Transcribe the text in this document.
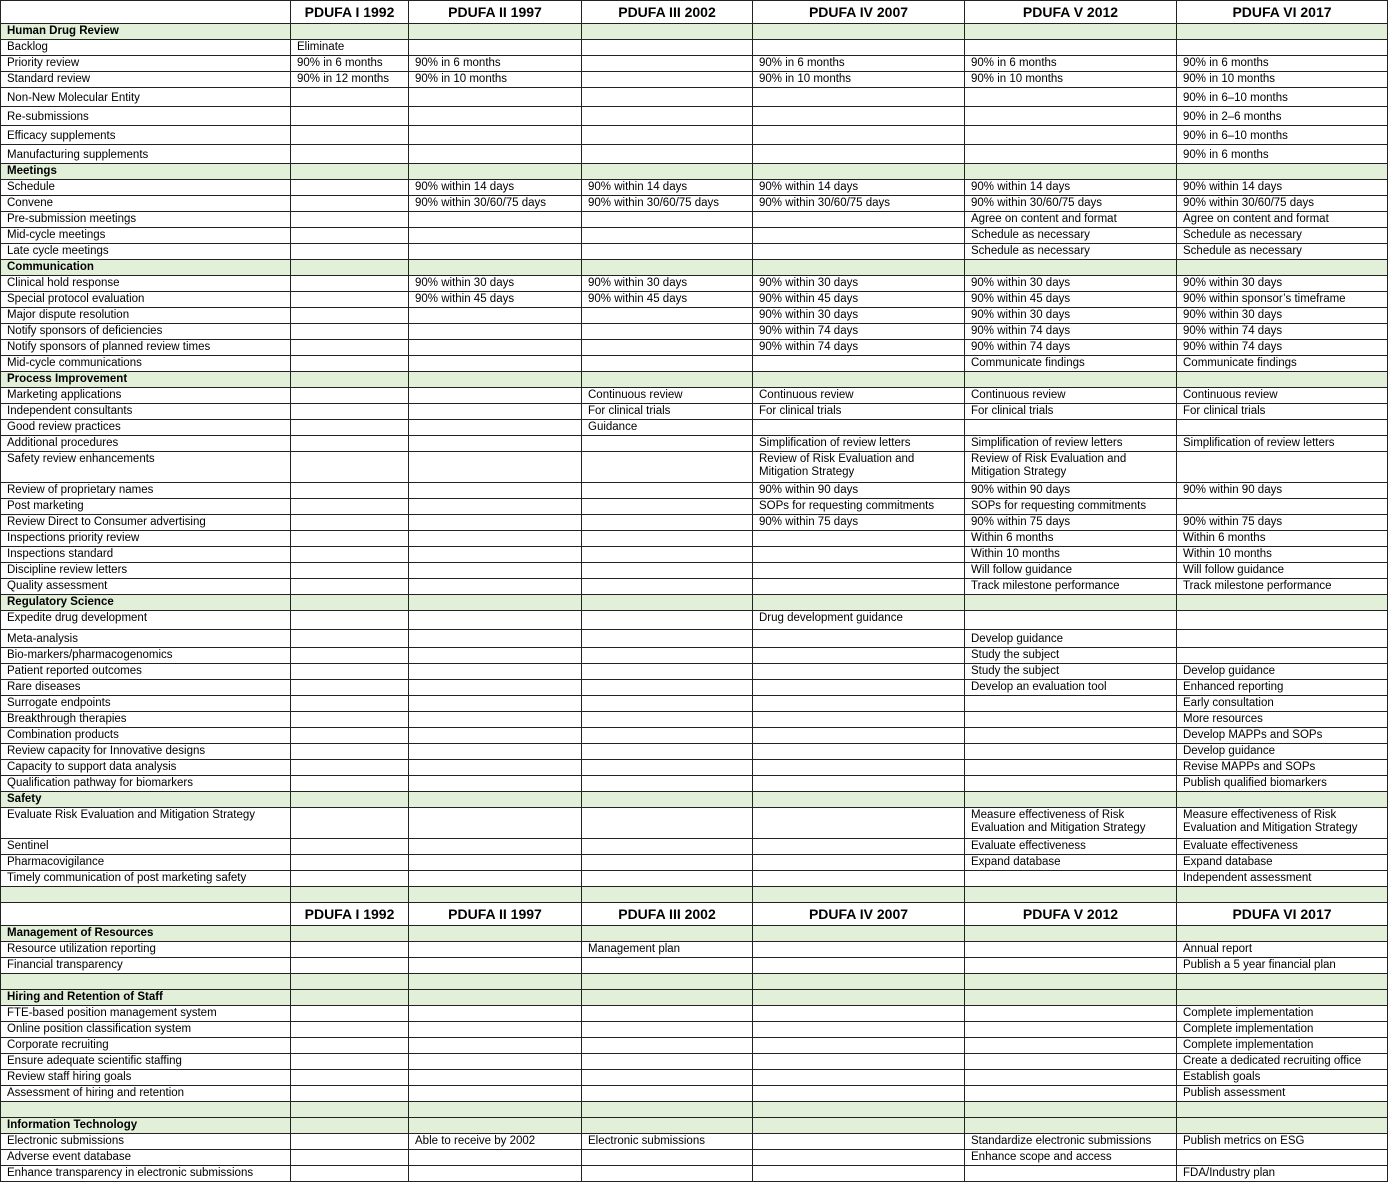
	PDUFA I 1992	PDUFA II 1997	PDUFA III 2002	PDUFA IV 2007	PDUFA V 2012	PDUFA VI 2017
Human Drug Review						
Backlog	Eliminate					
Priority review	90% in 6 months	90% in 6 months		90% in 6 months	90% in 6 months	90% in 6 months
Standard review	90% in 12 months	90% in 10 months		90% in 10 months	90% in 10 months	90% in 10 months
Non-New Molecular Entity						90% in 6–10 months
Re-submissions						90% in 2–6 months
Efficacy supplements						90% in 6–10 months
Manufacturing supplements						90% in 6 months
Meetings						
Schedule		90% within 14 days	90% within 14 days	90% within 14 days	90% within 14 days	90% within 14 days
Convene		90% within 30/60/75 days	90% within 30/60/75 days	90% within 30/60/75 days	90% within 30/60/75 days	90% within 30/60/75 days
Pre-submission meetings					Agree on content and format	Agree on content and format
Mid-cycle meetings					Schedule as necessary	Schedule as necessary
Late cycle meetings					Schedule as necessary	Schedule as necessary
Communication						
Clinical hold response		90% within 30 days	90% within 30 days	90% within 30 days	90% within 30 days	90% within 30 days
Special protocol evaluation		90% within 45 days	90% within 45 days	90% within 45 days	90% within 45 days	90% within sponsor’s timeframe
Major dispute resolution				90% within 30 days	90% within 30 days	90% within 30 days
Notify sponsors of deficiencies				90% within 74 days	90% within 74 days	90% within 74 days
Notify sponsors of planned review times				90% within 74 days	90% within 74 days	90% within 74 days
Mid-cycle communications					Communicate findings	Communicate findings
Process Improvement						
Marketing applications			Continuous review	Continuous review	Continuous review	Continuous review
Independent consultants			For clinical trials	For clinical trials	For clinical trials	For clinical trials
Good review practices			Guidance			
Additional procedures				Simplification of review letters	Simplification of review letters	Simplification of review letters
Safety review enhancements				Review of Risk Evaluation and Mitigation Strategy	Review of Risk Evaluation and Mitigation Strategy	
Review of proprietary names				90% within 90 days	90% within 90 days	90% within 90 days
Post marketing				SOPs for requesting commitments	SOPs for requesting commitments	
Review Direct to Consumer advertising				90% within 75 days	90% within 75 days	90% within 75 days
Inspections priority review					Within 6 months	Within 6 months
Inspections standard					Within 10 months	Within 10 months
Discipline review letters					Will follow guidance	Will follow guidance
Quality assessment					Track milestone performance	Track milestone performance
Regulatory Science						
Expedite drug development				Drug development guidance		
Meta-analysis					Develop guidance	
Bio-markers/pharmacogenomics					Study the subject	
Patient reported outcomes					Study the subject	Develop guidance
Rare diseases					Develop an evaluation tool	Enhanced reporting
Surrogate endpoints						Early consultation
Breakthrough therapies						More resources
Combination products						Develop MAPPs and SOPs
Review capacity for Innovative designs						Develop guidance
Capacity to support data analysis						Revise MAPPs and SOPs
Qualification pathway for biomarkers						Publish qualified biomarkers
Safety						
Evaluate Risk Evaluation and Mitigation Strategy					Measure effectiveness of Risk Evaluation and Mitigation Strategy	Measure effectiveness of Risk Evaluation and Mitigation Strategy
Sentinel					Evaluate effectiveness	Evaluate effectiveness
Pharmacovigilance					Expand database	Expand database
Timely communication of post marketing safety						Independent assessment

	PDUFA I 1992	PDUFA II 1997	PDUFA III 2002	PDUFA IV 2007	PDUFA V 2012	PDUFA VI 2017
Management of Resources						
Resource utilization reporting			Management plan			Annual report
Financial transparency						Publish a 5 year financial plan

Hiring and Retention of Staff						
FTE-based position management system						Complete implementation
Online position classification system						Complete implementation
Corporate recruiting						Complete implementation
Ensure adequate scientific staffing						Create a dedicated recruiting office
Review staff hiring goals						Establish goals
Assessment of hiring and retention						Publish assessment

Information Technology						
Electronic submissions		Able to receive by 2002	Electronic submissions		Standardize electronic submissions	Publish metrics on ESG
Adverse event database					Enhance scope and access	
Enhance transparency in electronic submissions						FDA/Industry plan
